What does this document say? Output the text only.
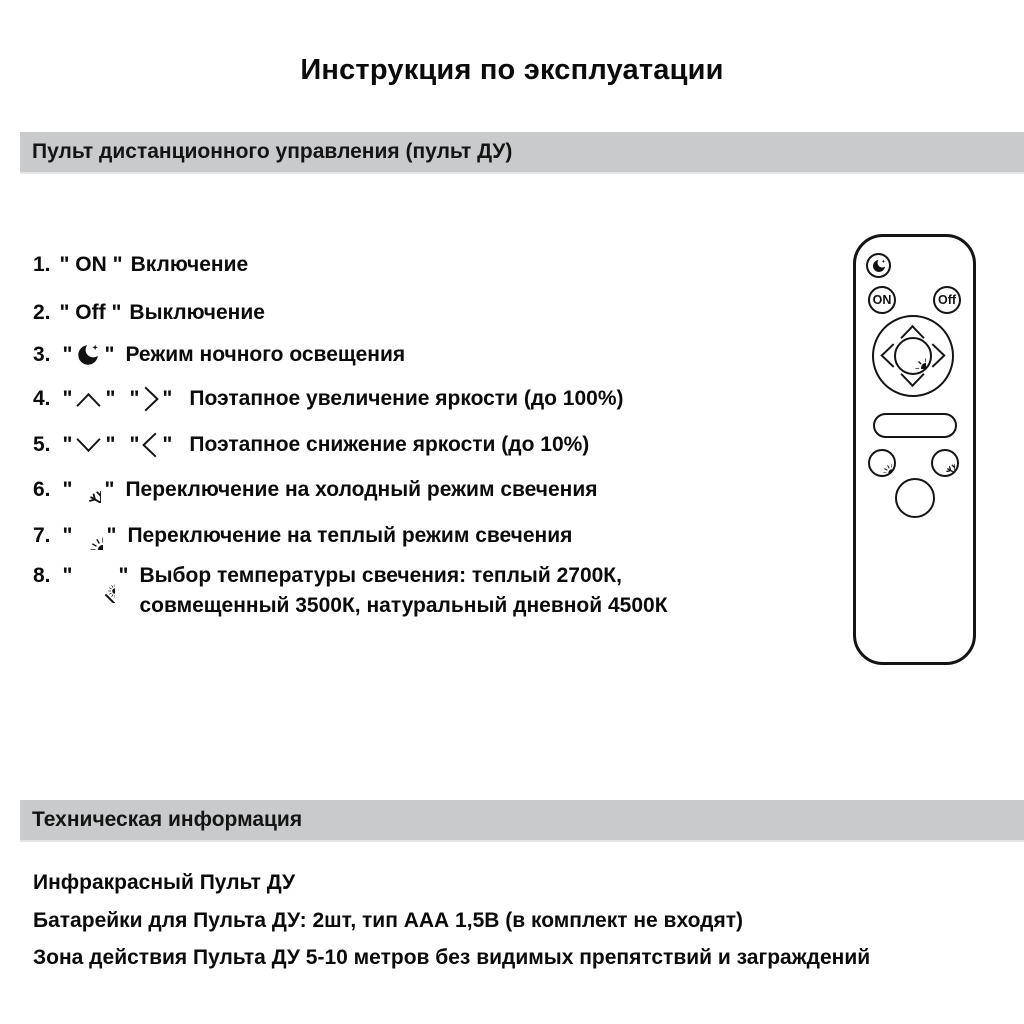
Инструкция по эксплуатации
Пульт дистанционного управления (пульт ДУ)
1. " ON " Включение
2. " Off " Выключение
3. " " Режим ночного освещения
4. " " " " Поэтапное увеличение яркости (до 100%)
5. " " " " Поэтапное снижение яркости (до 10%)
6. " " Переключение на холодный режим свечения
7. " " Переключение на теплый режим свечения
8. " " Выбор температуры свечения: теплый 2700К,
совмещенный 3500К, натуральный дневной 4500К
ON	Off
Техническая информация
Инфракрасный Пульт ДУ
Батарейки для Пульта ДУ: 2шт, тип ААА 1,5В (в комплект не входят)
Зона действия Пульта ДУ 5-10 метров без видимых препятствий и заграждений
